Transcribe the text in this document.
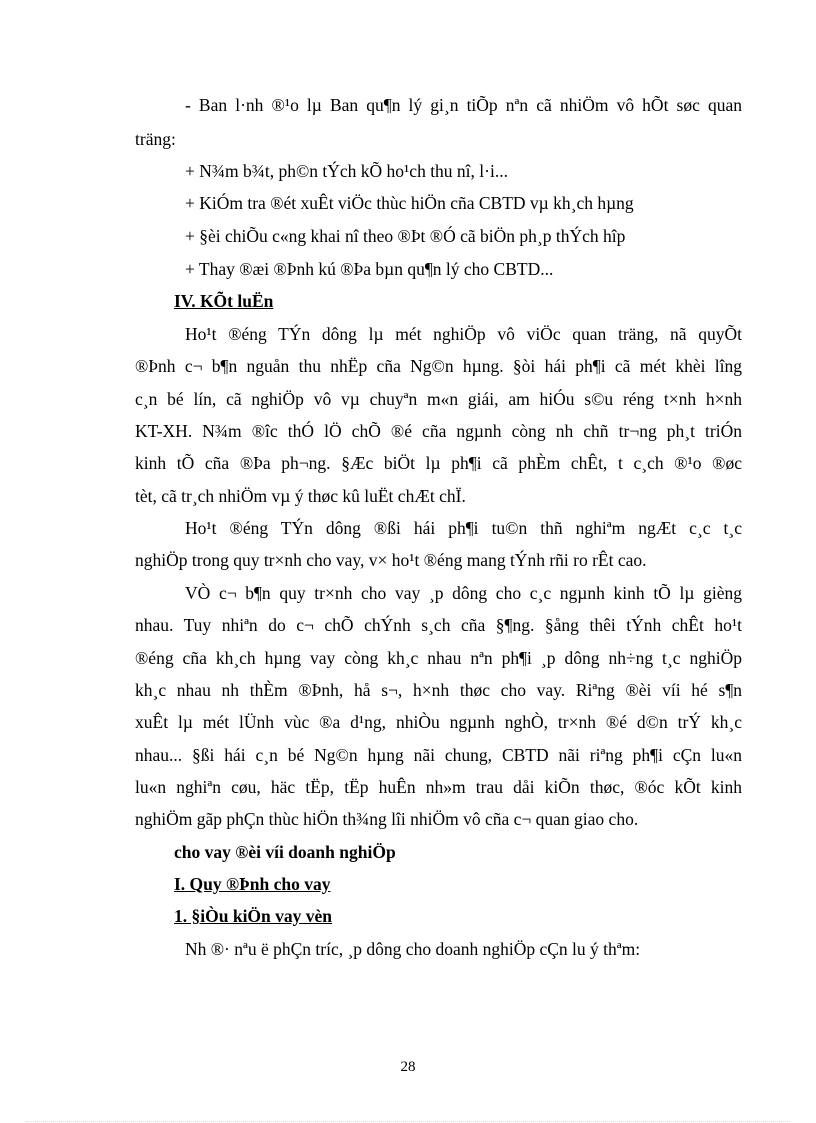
- Ban l·nh ®¹o lµ Ban qu¶n lý gi¸n tiÕp nªn cã nhiÖm vô hÕt søc quan
träng:
+ N¾m b¾t, ph©n tÝch kÕ ho¹ch thu nî, l·i...
+ KiÓm tra ®ét xuÊt viÖc thùc hiÖn cña CBTD vµ kh¸ch hµng
+ §èi chiÕu c«ng khai nî theo ®Þt ®Ó cã biÖn ph¸p thÝch hîp
+ Thay ®æi ®Þnh kú ®Þa bµn qu¶n lý cho CBTD...
IV. KÕt luËn
Ho¹t ®éng TÝn dông lµ mét nghiÖp vô viÖc quan träng, nã quyÕt
®Þnh c¬ b¶n nguån thu nhËp cña Ng©n hµng. §òi hái ph¶i cã mét khèi lîng
c¸n bé lín, cã nghiÖp vô vµ chuyªn m«n giái, am hiÓu s©u réng t×nh h×nh
KT-XH. N¾m ®îc thÓ lÖ chÕ ®é cña ngµnh còng nh chñ tr¬ng ph¸t triÓn
kinh tÕ cña ®Þa ph¬ng. §Æc biÖt lµ ph¶i cã phÈm chÊt, t c¸ch ®¹o ®øc
tèt, cã tr¸ch nhiÖm vµ ý thøc kû luËt chÆt chÏ.
Ho¹t ®éng TÝn dông ®ßi hái ph¶i tu©n thñ nghiªm ngÆt c¸c t¸c
nghiÖp trong quy tr×nh cho vay, v× ho¹t ®éng mang tÝnh rñi ro rÊt cao.
VÒ c¬ b¶n quy tr×nh cho vay ¸p dông cho c¸c ngµnh kinh tÕ lµ gièng
nhau. Tuy nhiªn do c¬ chÕ chÝnh s¸ch cña §¶ng. §ång thêi tÝnh chÊt ho¹t
®éng cña kh¸ch hµng vay còng kh¸c nhau nªn ph¶i ¸p dông nh÷ng t¸c nghiÖp
kh¸c nhau nh thÈm ®Þnh, hå s¬, h×nh thøc cho vay. Riªng ®èi víi hé s¶n
xuÊt lµ mét lÜnh vùc ®a d¹ng, nhiÒu ngµnh nghÒ, tr×nh ®é d©n trÝ kh¸c
nhau... §ßi hái c¸n bé Ng©n hµng nãi chung, CBTD nãi riªng ph¶i cÇn lu«n
lu«n nghiªn cøu, häc tËp, tËp huÊn nh»m trau dåi kiÕn thøc, ®óc kÕt kinh
nghiÖm gãp phÇn thùc hiÖn th¾ng lîi nhiÖm vô cña c¬ quan giao cho.
cho vay ®èi víi doanh nghiÖp
I. Quy ®Þnh cho vay
1. §iÒu kiÖn vay vèn
Nh ®· nªu ë phÇn tríc, ¸p dông cho doanh nghiÖp cÇn lu ý thªm:
28
